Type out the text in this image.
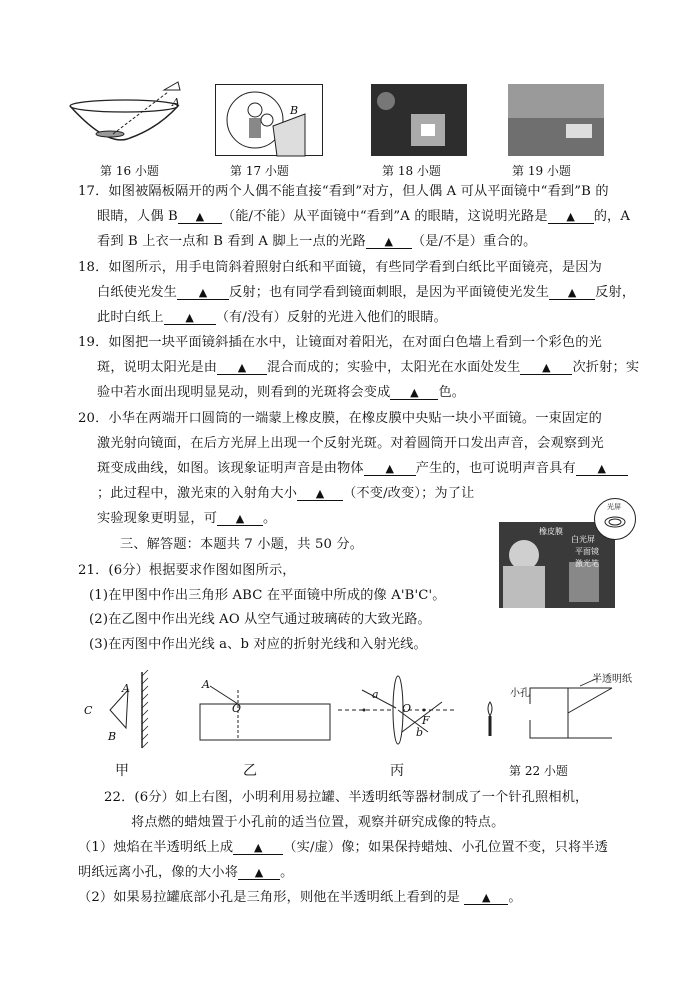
A
B
第 16 小题	第 17 小题	第 18 小题	第 19 小题
17．如图被隔板隔开的两个人偶不能直接“看到”对方，但人偶 A 可从平面镜中“看到”B 的
眼睛，人偶 B ▲ （能/不能）从平面镜中“看到”A 的眼睛，这说明光路是 ▲ 的，A
看到 B 上衣一点和 B 看到 A 脚上一点的光路 ▲ （是/不是）重合的。
18．如图所示，用手电筒斜着照射白纸和平面镜，有些同学看到白纸比平面镜亮，是因为
白纸使光发生 ▲ 反射；也有同学看到镜面刺眼，是因为平面镜使光发生 ▲ 反射，
此时白纸上 ▲ （有/没有）反射的光进入他们的眼睛。
19．如图把一块平面镜斜插在水中，让镜面对着阳光，在对面白色墙上看到一个彩色的光
斑，说明太阳光是由 ▲ 混合而成的；实验中，太阳光在水面处发生 ▲ 次折射；实
验中若水面出现明显晃动，则看到的光斑将会变成 ▲ 色。
20．小华在两端开口圆筒的一端蒙上橡皮膜，在橡皮膜中央贴一块小平面镜。一束固定的
激光射向镜面，在后方光屏上出现一个反射光斑。对着圆筒开口发出声音，会观察到光
斑变成曲线，如图。该现象证明声音是由物体 ▲ 产生的，也可说明声音具有 ▲
；此过程中，激光束的入射角大小 ▲ （不变/改变）；为了让
实验现象更明显，可 ▲ 。
橡皮膜
白光屏
平面镜
激光笔
光屏
三、解答题：本题共 7 小题，共 50 分。
21．(6分）根据要求作图如图所示，
(1)在甲图中作出三角形 ABC 在平面镜中所成的像 A'B'C'。
(2)在乙图中作出光线 AO 从空气通过玻璃砖的大致光路。
(3)在丙图中作出光线 a、b 对应的折射光线和入射光线。
A
C
B
A
O
a
O
F
b
小孔
半透明纸
甲	乙	丙	第 22 小题
22．(6分）如上右图，小明利用易拉罐、半透明纸等器材制成了一个针孔照相机，
将点燃的蜡烛置于小孔前的适当位置，观察并研究成像的特点。
（1）烛焰在半透明纸上成 ▲ （实/虚）像；如果保持蜡烛、小孔位置不变，只将半透
明纸远离小孔，像的大小将 ▲ 。
（2）如果易拉罐底部小孔是三角形，则他在半透明纸上看到的是 ▲ 。
